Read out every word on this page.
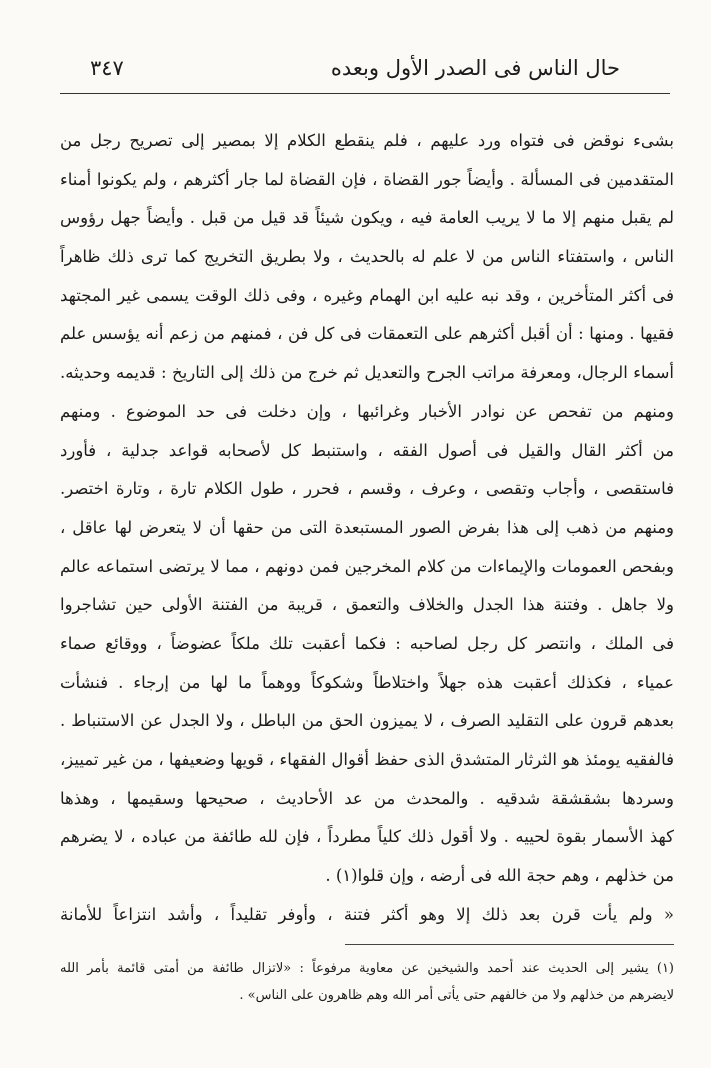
حال الناس فى الصدر الأول وبعده
٣٤٧
بشىء نوقض فى فتواه ورد عليهم ، فلم ينقطع الكلام إلا بمصير إلى تصريح رجل من
المتقدمين فى المسألة . وأيضاً جور القضاة ، فإن القضاة لما جار أكثرهم ، ولم يكونوا أمناء
لم يقبل منهم إلا ما لا يريب العامة فيه ، ويكون شيئاً قد قيل من قبل . وأيضاً جهل رؤوس
الناس ، واستفتاء الناس من لا علم له بالحديث ، ولا بطريق التخريج كما ترى ذلك ظاهراً
فى أكثر المتأخرين ، وقد نبه عليه ابن الهمام وغيره ، وفى ذلك الوقت يسمى غير المجتهد
فقيها . ومنها : أن أقبل أكثرهم على التعمقات فى كل فن ، فمنهم من زعم أنه يؤسس علم
أسماء الرجال، ومعرفة مراتب الجرح والتعديل ثم خرج من ذلك إلى التاريخ : قديمه وحديثه.
ومنهم من تفحص عن نوادر الأخبار وغرائبها ، وإن دخلت فى حد الموضوع . ومنهم
من أكثر القال والقيل فى أصول الفقه ، واستنبط كل لأصحابه قواعد جدلية ، فأورد
فاستقصى ، وأجاب وتقصى ، وعرف ، وقسم ، فحرر ، طول الكلام تارة ، وتارة اختصر.
ومنهم من ذهب إلى هذا بفرض الصور المستبعدة التى من حقها أن لا يتعرض لها عاقل ،
وبفحص العمومات والإيماءات من كلام المخرجين فمن دونهم ، مما لا يرتضى استماعه عالم
ولا جاهل . وفتنة هذا الجدل والخلاف والتعمق ، قريبة من الفتنة الأولى حين تشاجروا
فى الملك ، وانتصر كل رجل لصاحبه : فكما أعقبت تلك ملكاً عضوضاً ، ووقائع صماء
عمياء ، فكذلك أعقبت هذه جهلاً واختلاطاً وشكوكاً ووهماً ما لها من إرجاء . فنشأت
بعدهم قرون على التقليد الصرف ، لا يميزون الحق من الباطل ، ولا الجدل عن الاستنباط .
فالفقيه يومئذ هو الثرثار المتشدق الذى حفظ أقوال الفقهاء ، قويها وضعيفها ، من غير تمييز،
وسردها بشقشقة شدقيه . والمحدث من عد الأحاديث ، صحيحها وسقيمها ، وهذها
كهذ الأسمار بقوة لحييه . ولا أقول ذلك كلياً مطرداً ، فإن لله طائفة من عباده ، لا يضرهم
من خذلهم ، وهم حجة الله فى أرضه ، وإن قلوا(١) .
« ولم يأت قرن بعد ذلك إلا وهو أكثر فتنة ، وأوفر تقليداً ، وأشد انتزاعاً للأمانة
(١) يشير إلى الحديث عند أحمد والشيخين عن معاوية مرفوعاً : «لاتزال طائفة من أمتى قائمة بأمر الله
لايضرهم من خذلهم ولا من خالفهم حتى يأتى أمر الله وهم ظاهرون على الناس» .
